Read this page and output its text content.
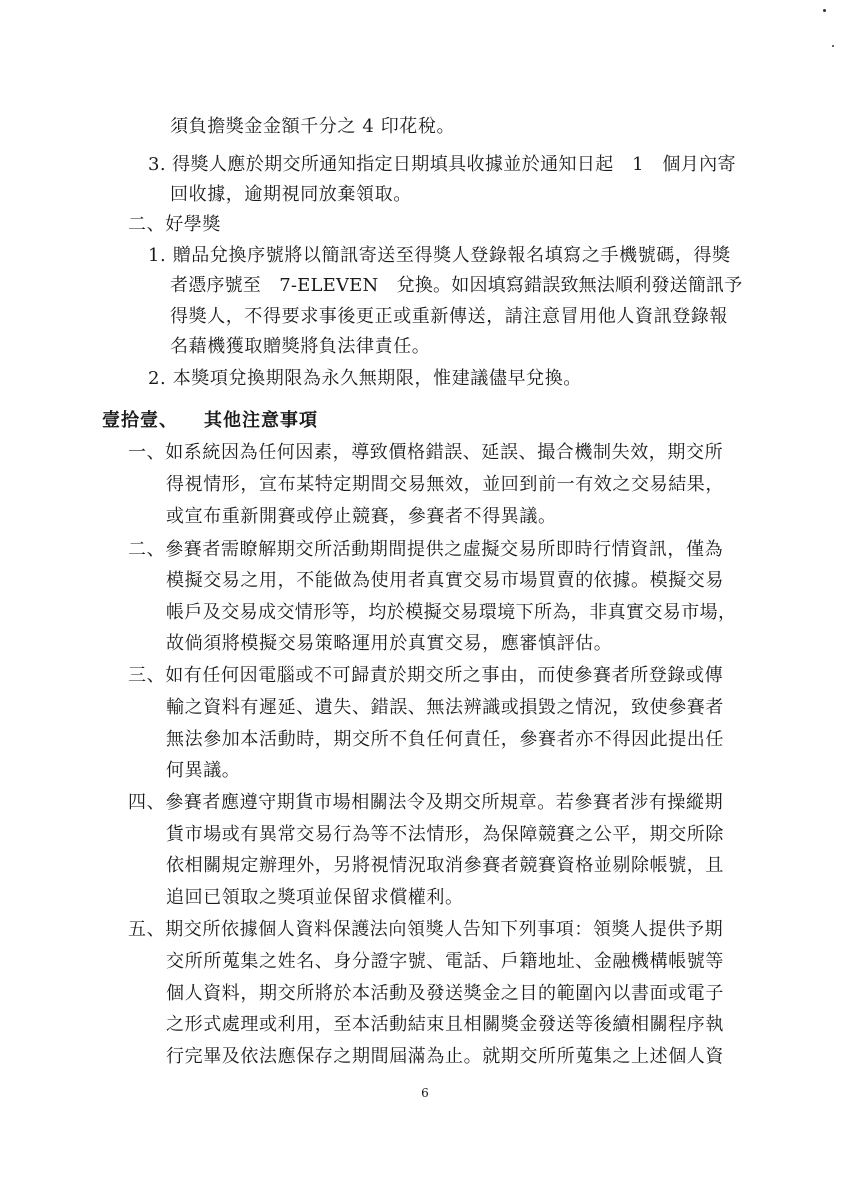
須負擔獎金金額千分之 4 印花稅。
3. 得獎人應於期交所通知指定日期填具收據並於通知日起　1　個月內寄
回收據，逾期視同放棄領取。
二、好學獎
1. 贈品兌換序號將以簡訊寄送至得獎人登錄報名填寫之手機號碼，得獎
者憑序號至　7-ELEVEN　兌換。如因填寫錯誤致無法順利發送簡訊予
得獎人，不得要求事後更正或重新傳送，請注意冒用他人資訊登錄報
名藉機獲取贈獎將負法律責任。
2. 本獎項兌換期限為永久無期限，惟建議儘早兌換。
壹拾壹、 其他注意事項
一、如系統因為任何因素，導致價格錯誤、延誤、撮合機制失效，期交所
得視情形，宣布某特定期間交易無效，並回到前一有效之交易結果，
或宣布重新開賽或停止競賽，參賽者不得異議。
二、參賽者需瞭解期交所活動期間提供之虛擬交易所即時行情資訊，僅為
模擬交易之用，不能做為使用者真實交易市場買賣的依據。模擬交易
帳戶及交易成交情形等，均於模擬交易環境下所為，非真實交易市場，
故倘須將模擬交易策略運用於真實交易，應審慎評估。
三、如有任何因電腦或不可歸責於期交所之事由，而使參賽者所登錄或傳
輸之資料有遲延、遺失、錯誤、無法辨識或損毀之情況，致使參賽者
無法參加本活動時，期交所不負任何責任，參賽者亦不得因此提出任
何異議。
四、參賽者應遵守期貨市場相關法令及期交所規章。若參賽者涉有操縱期
貨市場或有異常交易行為等不法情形，為保障競賽之公平，期交所除
依相關規定辦理外，另將視情況取消參賽者競賽資格並剔除帳號，且
追回已領取之獎項並保留求償權利。
五、期交所依據個人資料保護法向領獎人告知下列事項：領獎人提供予期
交所所蒐集之姓名、身分證字號、電話、戶籍地址、金融機構帳號等
個人資料，期交所將於本活動及發送獎金之目的範圍內以書面或電子
之形式處理或利用，至本活動結束且相關獎金發送等後續相關程序執
行完畢及依法應保存之期間屆滿為止。就期交所所蒐集之上述個人資
6
